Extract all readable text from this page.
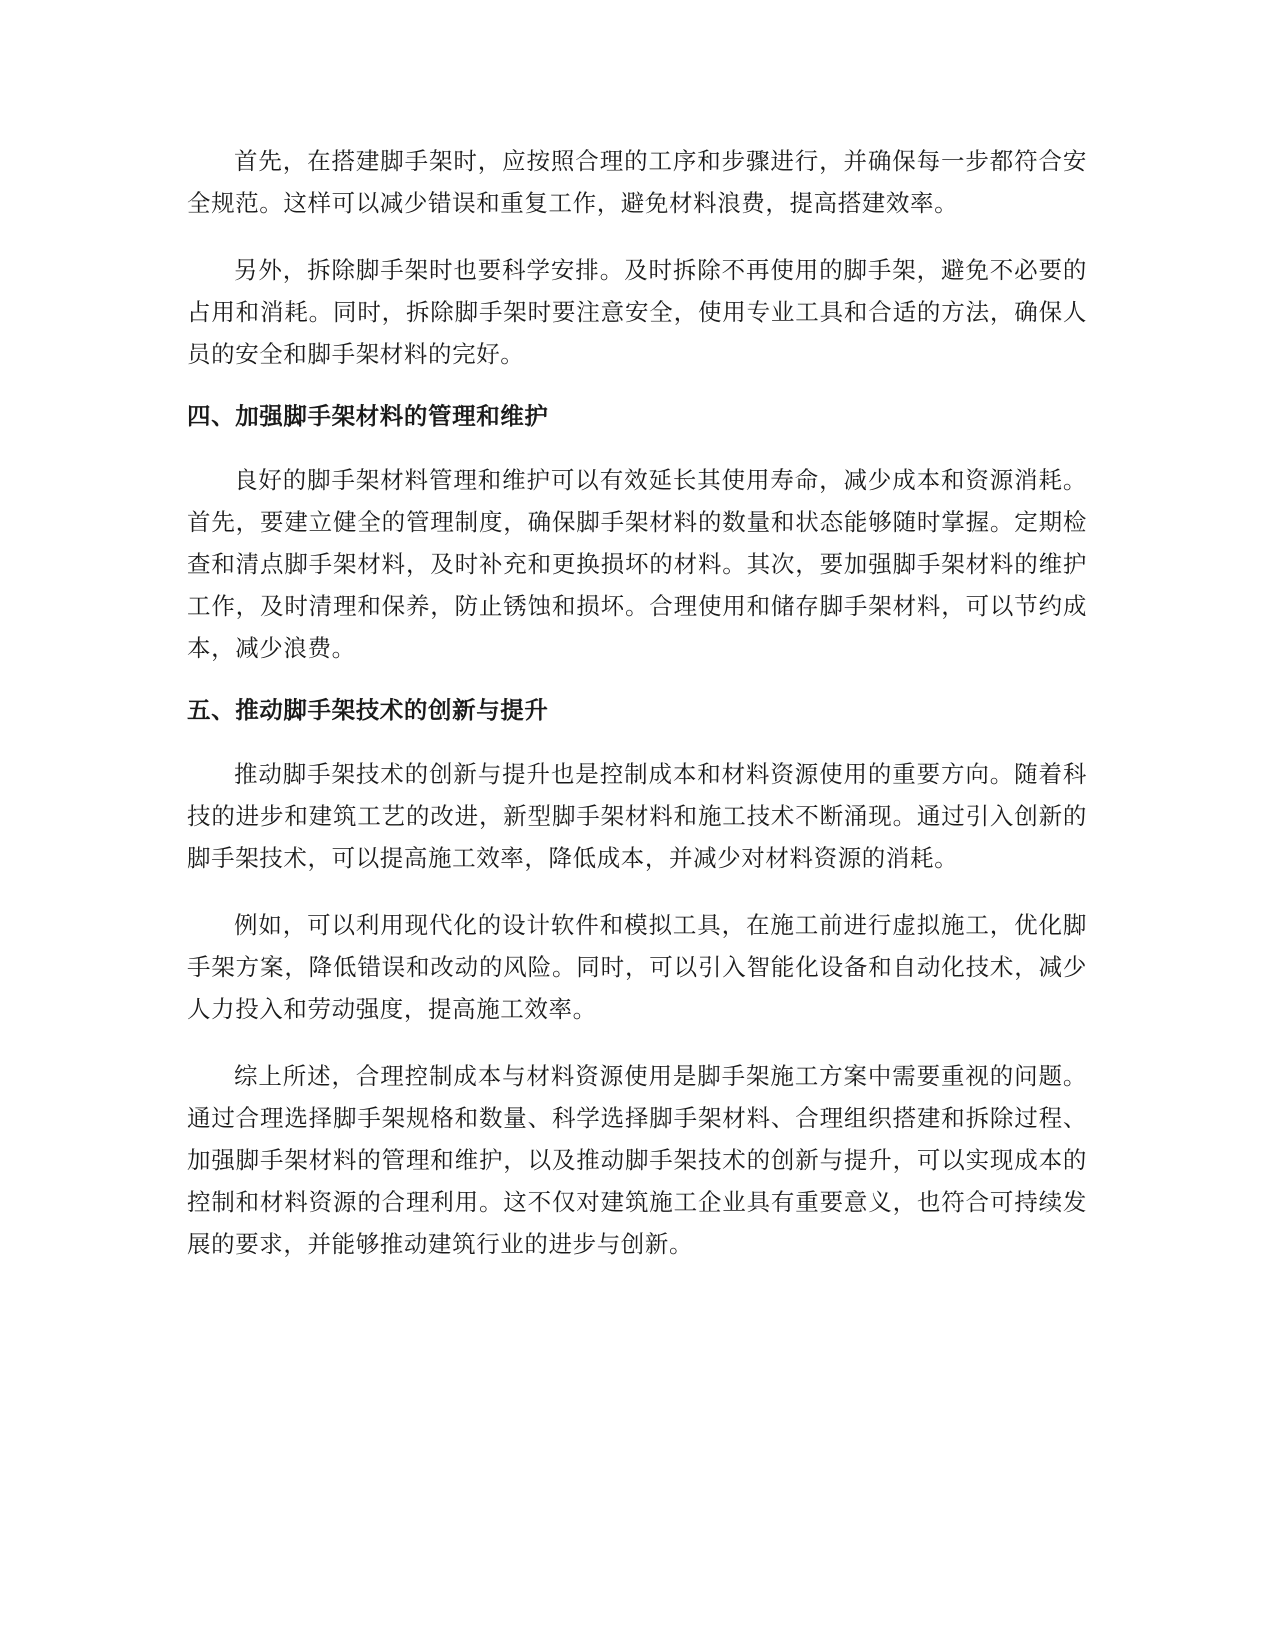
首先，在搭建脚手架时，应按照合理的工序和步骤进行，并确保每一步都符合安全规范。这样可以减少错误和重复工作，避免材料浪费，提高搭建效率。

另外，拆除脚手架时也要科学安排。及时拆除不再使用的脚手架，避免不必要的占用和消耗。同时，拆除脚手架时要注意安全，使用专业工具和合适的方法，确保人员的安全和脚手架材料的完好。

四、加强脚手架材料的管理和维护

良好的脚手架材料管理和维护可以有效延长其使用寿命，减少成本和资源消耗。首先，要建立健全的管理制度，确保脚手架材料的数量和状态能够随时掌握。定期检查和清点脚手架材料，及时补充和更换损坏的材料。其次，要加强脚手架材料的维护工作，及时清理和保养，防止锈蚀和损坏。合理使用和储存脚手架材料，可以节约成本，减少浪费。

五、推动脚手架技术的创新与提升

推动脚手架技术的创新与提升也是控制成本和材料资源使用的重要方向。随着科技的进步和建筑工艺的改进，新型脚手架材料和施工技术不断涌现。通过引入创新的脚手架技术，可以提高施工效率，降低成本，并减少对材料资源的消耗。

例如，可以利用现代化的设计软件和模拟工具，在施工前进行虚拟施工，优化脚手架方案，降低错误和改动的风险。同时，可以引入智能化设备和自动化技术，减少人力投入和劳动强度，提高施工效率。

综上所述，合理控制成本与材料资源使用是脚手架施工方案中需要重视的问题。通过合理选择脚手架规格和数量、科学选择脚手架材料、合理组织搭建和拆除过程、加强脚手架材料的管理和维护，以及推动脚手架技术的创新与提升，可以实现成本的控制和材料资源的合理利用。这不仅对建筑施工企业具有重要意义，也符合可持续发展的要求，并能够推动建筑行业的进步与创新。
